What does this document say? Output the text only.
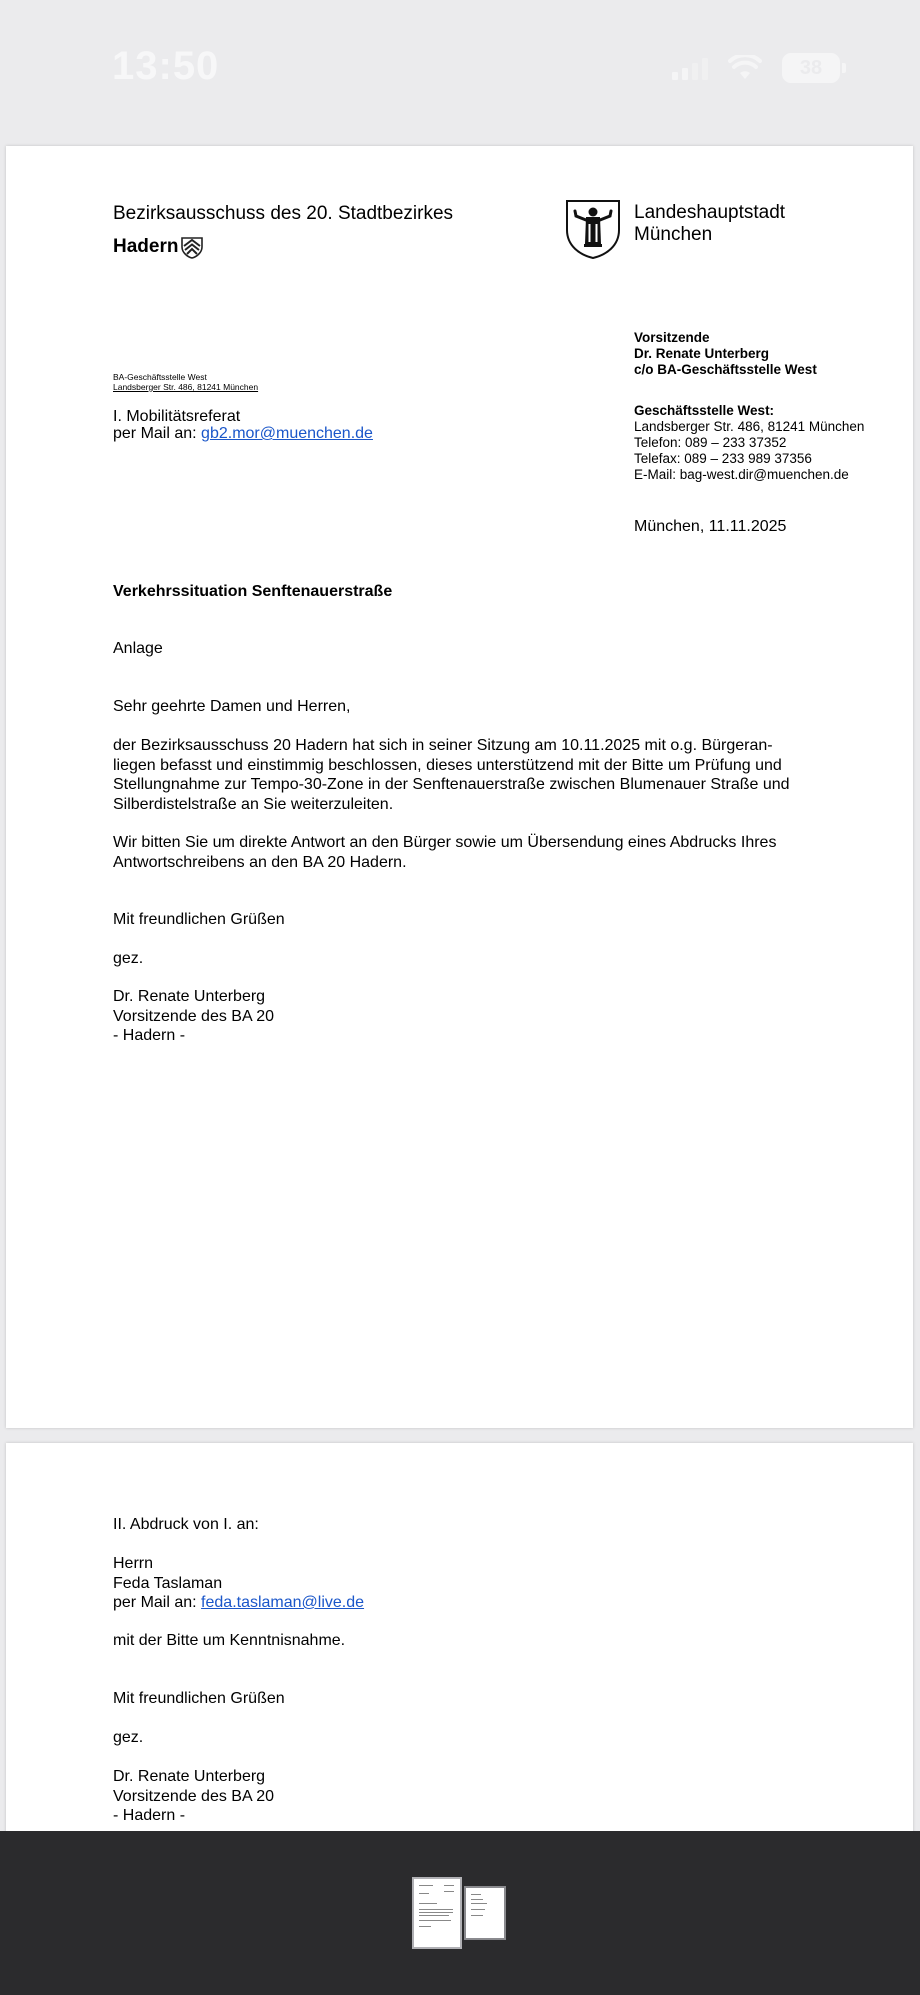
13:50	38
Bezirksausschuss des 20. Stadtbezirkes
Hadern
Landeshauptstadt
München
BA-Geschäftsstelle West
Landsberger Str. 486, 81241 München
I. Mobilitätsreferat
per Mail an: gb2.mor@muenchen.de
Vorsitzende
Dr. Renate Unterberg
c/o BA-Geschäftsstelle West
Geschäftsstelle West:
Landsberger Str. 486, 81241 München
Telefon: 089 – 233 37352
Telefax: 089 – 233 989 37356
E-Mail: bag-west.dir@muenchen.de
München, 11.11.2025
Verkehrssituation Senftenauerstraße
Anlage
Sehr geehrte Damen und Herren,
der Bezirksausschuss 20 Hadern hat sich in seiner Sitzung am 10.11.2025 mit o.g. Bürgeran-
liegen befasst und einstimmig beschlossen, dieses unterstützend mit der Bitte um Prüfung und
Stellungnahme zur Tempo-30-Zone in der Senftenauerstraße zwischen Blumenauer Straße und
Silberdistelstraße an Sie weiterzuleiten.
Wir bitten Sie um direkte Antwort an den Bürger sowie um Übersendung eines Abdrucks Ihres
Antwortschreibens an den BA 20 Hadern.
Mit freundlichen Grüßen
gez.
Dr. Renate Unterberg
Vorsitzende des BA 20
- Hadern -
II. Abdruck von I. an:
Herrn
Feda Taslaman
per Mail an: feda.taslaman@live.de
mit der Bitte um Kenntnisnahme.
Mit freundlichen Grüßen
gez.
Dr. Renate Unterberg
Vorsitzende des BA 20
- Hadern -
